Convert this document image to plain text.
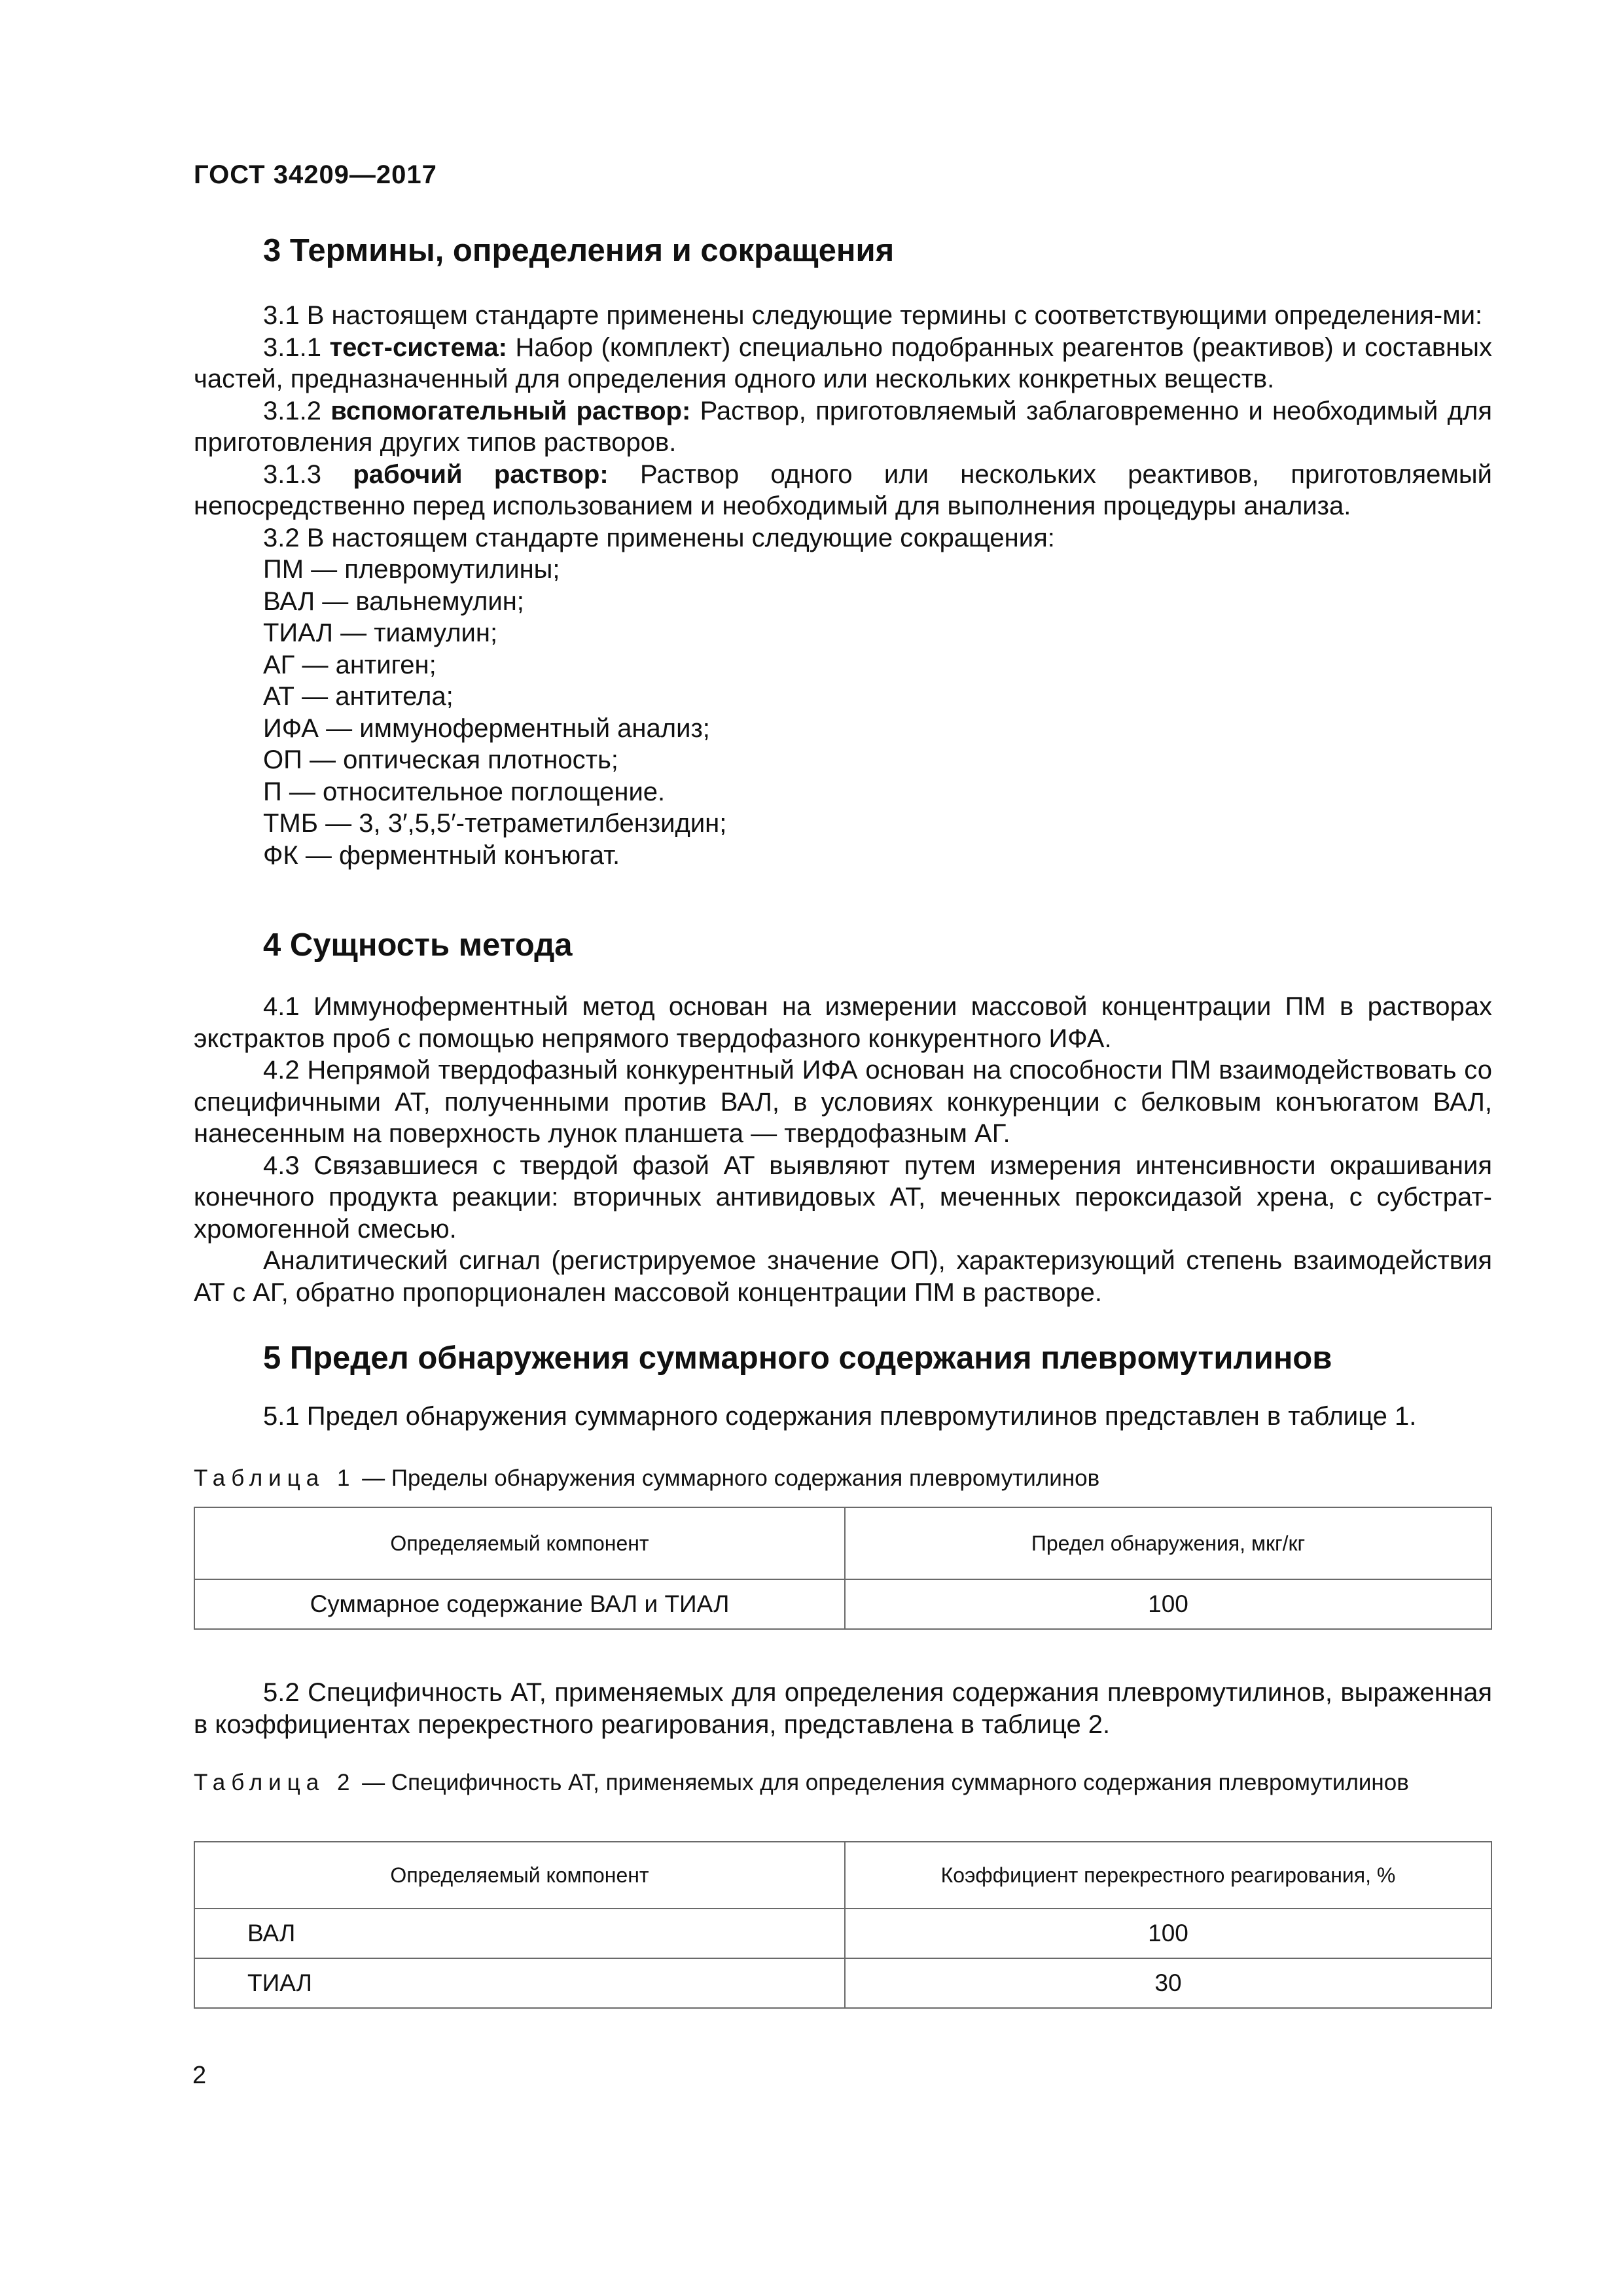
ГОСТ 34209—2017

3 Термины, определения и сокращения

3.1 В настоящем стандарте применены следующие термины с соответствующими определения-ми:

3.1.1 тест-система: Набор (комплект) специально подобранных реагентов (реактивов) и составных частей, предназначенный для определения одного или нескольких конкретных веществ.

3.1.2 вспомогательный раствор: Раствор, приготовляемый заблаговременно и необходимый для приготовления других типов растворов.

3.1.3 рабочий раствор: Раствор одного или нескольких реактивов, приготовляемый непосредственно перед использованием и необходимый для выполнения процедуры анализа.

3.2 В настоящем стандарте применены следующие сокращения:

ПМ — плевромутилины;

ВАЛ — вальнемулин;

ТИАЛ — тиамулин;

АГ — антиген;

АТ — антитела;

ИФА — иммуноферментный анализ;

ОП — оптическая плотность;

П — относительное поглощение.

ТМБ — 3, 3′,5,5′-тетраметилбензидин;

ФК — ферментный конъюгат.

4 Сущность метода

4.1 Иммуноферментный метод основан на измерении массовой концентрации ПМ в растворах экстрактов проб с помощью непрямого твердофазного конкурентного ИФА.

4.2 Непрямой твердофазный конкурентный ИФА основан на способности ПМ взаимодействовать со специфичными АТ, полученными против ВАЛ, в условиях конкуренции с белковым конъюгатом ВАЛ, нанесенным на поверхность лунок планшета — твердофазным АГ.

4.3 Связавшиеся с твердой фазой АТ выявляют путем измерения интенсивности окрашивания конечного продукта реакции: вторичных антивидовых АТ, меченных пероксидазой хрена, с субстрат-хромогенной смесью.

Аналитический сигнал (регистрируемое значение ОП), характеризующий степень взаимодействия АТ с АГ, обратно пропорционален массовой концентрации ПМ в растворе.

5 Предел обнаружения суммарного содержания плевромутилинов

5.1 Предел обнаружения суммарного содержания плевромутилинов представлен в таблице 1.

Таблица 1 — Пределы обнаружения суммарного содержания плевромутилинов

Определяемый компонент	Предел обнаружения, мкг/кг
Суммарное содержание ВАЛ и ТИАЛ	100

5.2 Специфичность АТ, применяемых для определения содержания плевромутилинов, выраженная в коэффициентах перекрестного реагирования, представлена в таблице 2.

Таблица 2 — Специфичность АТ, применяемых для определения суммарного содержания плевромутилинов

Определяемый компонент	Коэффициент перекрестного реагирования, %
ВАЛ	100
ТИАЛ	30

2
